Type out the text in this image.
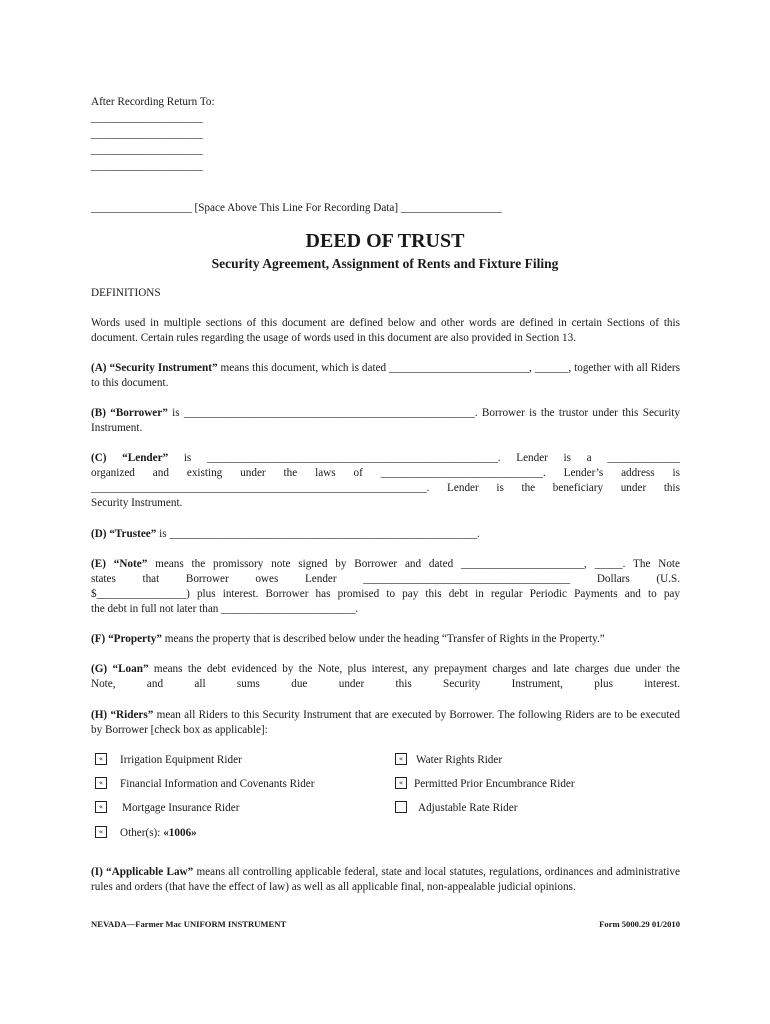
After Recording Return To:
____________________
____________________
____________________
____________________
__________________ [Space Above This Line For Recording Data] __________________
DEED OF TRUST
Security Agreement, Assignment of Rents and Fixture Filing
DEFINITIONS
Words used in multiple sections of this document are defined below and other words are defined in certain Sections of this document. Certain rules regarding the usage of words used in this document are also provided in Section 13.
(A) “Security Instrument” means this document, which is dated _________________________, ______, together with all Riders to this document.
(B) “Borrower” is ____________________________________________________. Borrower is the trustor under this Security Instrument.
(C) “Lender” is ____________________________________________________. Lender is a _____________
organized and existing under the laws of _____________________________. Lender’s address is
____________________________________________________________. Lender is the beneficiary under this
Security Instrument.
(D) “Trustee” is _______________________________________________________.
(E) “Note” means the promissory note signed by Borrower and dated ______________________, _____. The Note
states that Borrower owes Lender _____________________________________ Dollars (U.S.
$________________) plus interest. Borrower has promised to pay this debt in regular Periodic Payments and to pay
the debt in full not later than ________________________.
(F) “Property” means the property that is described below under the heading “Transfer of Rights in the Property.”
(G) “Loan” means the debt evidenced by the Note, plus interest, any prepayment charges and late charges due under the
Note, and all sums due under this Security Instrument, plus interest.
(H) “Riders” mean all Riders to this Security Instrument that are executed by Borrower. The following Riders are to be executed by Borrower [check box as applicable]:
«	Irrigation Equipment Rider	«	Water Rights Rider
«	Financial Information and Covenants Rider	« Permitted Prior Encumbrance Rider
«	Mortgage Insurance Rider	Adjustable Rate Rider
«	Other(s): «1006»
(I) “Applicable Law” means all controlling applicable federal, state and local statutes, regulations, ordinances and administrative rules and orders (that have the effect of law) as well as all applicable final, non-appealable judicial opinions.
NEVADA—Farmer Mac UNIFORM INSTRUMENT	Form 5000.29 01/2010
